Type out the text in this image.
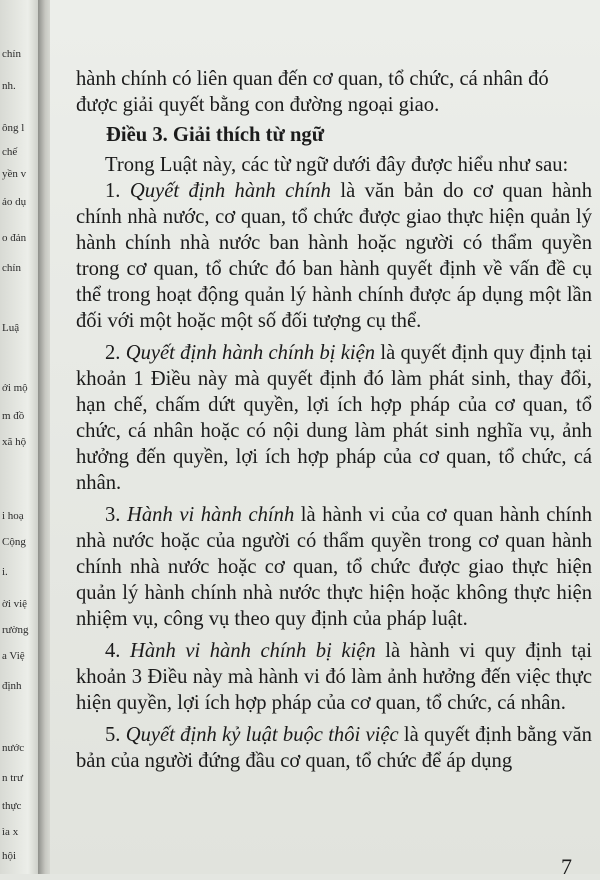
chín
nh.
ông l
chế
yền v
áo dụ
o đản
chín
Luậ
ới mộ
m đồ
xã hộ
i hoạ
Cộng
i.
ời việ
rường
a Việ
định
nước
n trư
thực
ìa x
hội

hành chính có liên quan đến cơ quan, tổ chức, cá nhân đó
được giải quyết bằng con đường ngoại giao.

Điều 3. Giải thích từ ngữ

Trong Luật này, các từ ngữ dưới đây được hiểu như sau:

1. Quyết định hành chính là văn bản do cơ quan hành chính nhà nước, cơ quan, tổ chức được giao thực hiện quản lý hành chính nhà nước ban hành hoặc người có thẩm quyền trong cơ quan, tổ chức đó ban hành quyết định về vấn đề cụ thể trong hoạt động quản lý hành chính được áp dụng một lần đối với một hoặc một số đối tượng cụ thể.

2. Quyết định hành chính bị kiện là quyết định quy định tại khoản 1 Điều này mà quyết định đó làm phát sinh, thay đổi, hạn chế, chấm dứt quyền, lợi ích hợp pháp của cơ quan, tổ chức, cá nhân hoặc có nội dung làm phát sinh nghĩa vụ, ảnh hưởng đến quyền, lợi ích hợp pháp của cơ quan, tổ chức, cá nhân.

3. Hành vi hành chính là hành vi của cơ quan hành chính nhà nước hoặc của người có thẩm quyền trong cơ quan hành chính nhà nước hoặc cơ quan, tổ chức được giao thực hiện quản lý hành chính nhà nước thực hiện hoặc không thực hiện nhiệm vụ, công vụ theo quy định của pháp luật.

4. Hành vi hành chính bị kiện là hành vi quy định tại khoản 3 Điều này mà hành vi đó làm ảnh hưởng đến việc thực hiện quyền, lợi ích hợp pháp của cơ quan, tổ chức, cá nhân.

5. Quyết định kỷ luật buộc thôi việc là quyết định bằng văn bản của người đứng đầu cơ quan, tổ chức để áp dụng

7
